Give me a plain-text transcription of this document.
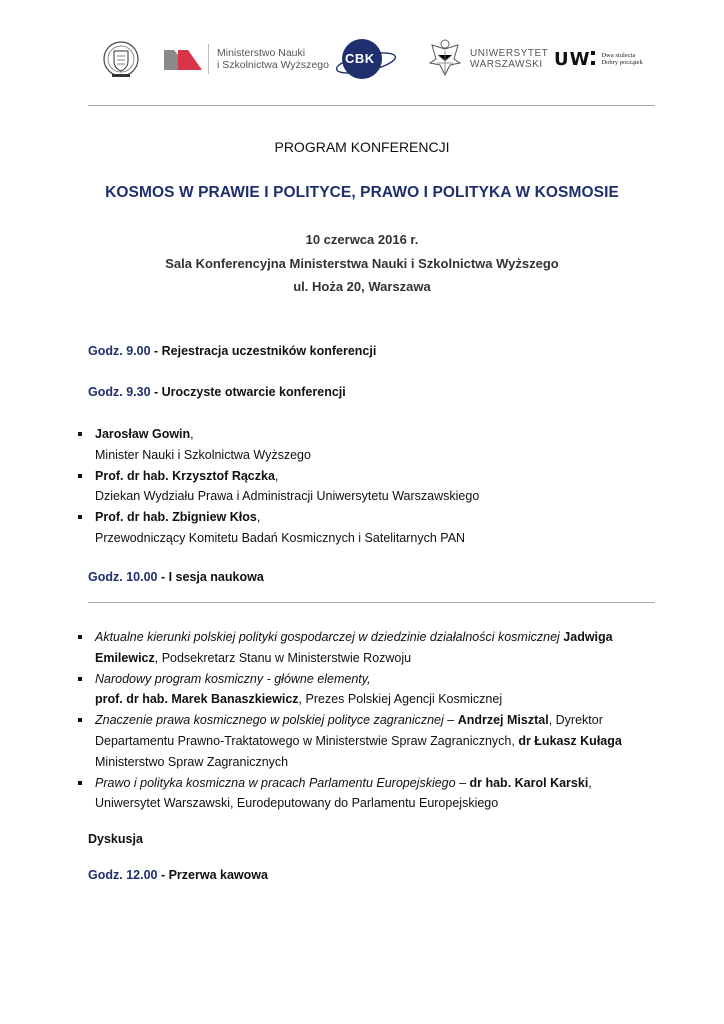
Ministerstwo Nauki
i Szkolnictwa Wyższego CBK	UNIWERSYTET
WARSZAWSKI UW Dwa stulecia
Dobry początek
PROGRAM KONFERENCJI
KOSMOS W PRAWIE I POLITYCE, PRAWO I POLITYKA W KOSMOSIE
10 czerwca 2016 r.
Sala Konferencyjna Ministerstwa Nauki i Szkolnictwa Wyższego
ul. Hoża 20, Warszawa
Godz. 9.00 - Rejestracja uczestników konferencji
Godz. 9.30 - Uroczyste otwarcie konferencji
Jarosław Gowin,
Minister Nauki i Szkolnictwa Wyższego
Prof. dr hab. Krzysztof Rączka,
Dziekan Wydziału Prawa i Administracji Uniwersytetu Warszawskiego
Prof. dr hab. Zbigniew Kłos,
Przewodniczący Komitetu Badań Kosmicznych i Satelitarnych PAN
Godz. 10.00 - I sesja naukowa
Aktualne kierunki polskiej polityki gospodarczej w dziedzinie działalności kosmicznej Jadwiga Emilewicz, Podsekretarz Stanu w Ministerstwie Rozwoju
Narodowy program kosmiczny - główne elementy,
prof. dr hab. Marek Banaszkiewicz, Prezes Polskiej Agencji Kosmicznej
Znaczenie prawa kosmicznego w polskiej polityce zagranicznej – Andrzej Misztal, Dyrektor Departamentu Prawno-Traktatowego w Ministerstwie Spraw Zagranicznych, dr Łukasz Kułaga Ministerstwo Spraw Zagranicznych
Prawo i polityka kosmiczna w pracach Parlamentu Europejskiego – dr hab. Karol Karski, Uniwersytet Warszawski, Eurodeputowany do Parlamentu Europejskiego
Dyskusja
Godz. 12.00 - Przerwa kawowa
